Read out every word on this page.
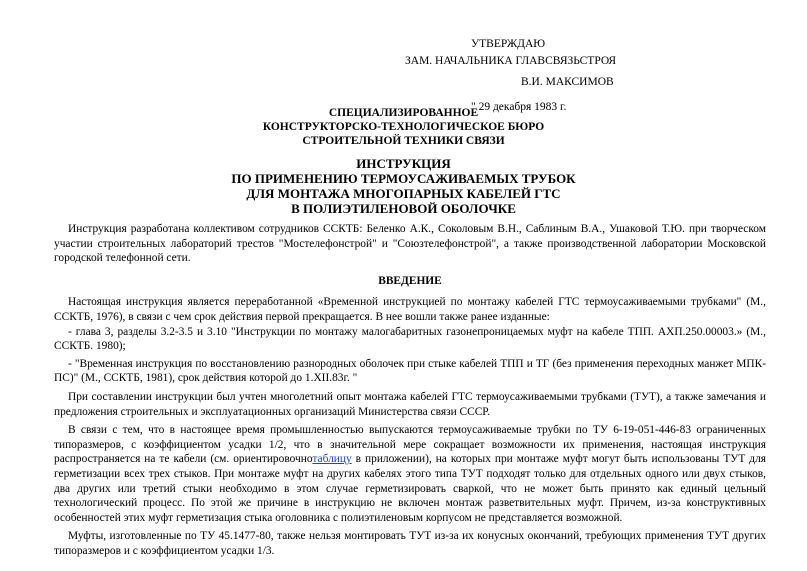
УТВЕРЖДАЮ
ЗАМ. НАЧАЛЬНИКА ГЛАВСВЯЗЬСТРОЯ
В.И. МАКСИМОВ
" 29 декабря 1983 г.
СПЕЦИАЛИЗИРОВАННОЕ
КОНСТРУКТОРСКО-ТЕХНОЛОГИЧЕСКОЕ БЮРО
СТРОИТЕЛЬНОЙ ТЕХНИКИ СВЯЗИ
ИНСТРУКЦИЯ
ПО ПРИМЕНЕНИЮ ТЕРМОУСАЖИВАЕМЫХ ТРУБОК
ДЛЯ МОНТАЖА МНОГОПАРНЫХ КАБЕЛЕЙ ГТС
В ПОЛИЭТИЛЕНОВОЙ ОБОЛОЧКЕ

Инструкция разработана коллективом сотрудников ССКТБ: Беленко А.К., Соколовым В.Н., Саблиным В.А., Ушаковой Т.Ю. при творческом участии строительных лабораторий трестов "Мостелефонстрой" и "Союзтелефонстрой", а также производственной лаборатории Московской городской телефонной сети.

ВВЕДЕНИЕ

Настоящая инструкция является переработанной «Временной инструкцией по монтажу кабелей ГТС термоусаживаемыми трубками" (М., ССКТБ, 1976), в связи с чем срок действия первой прекращается. В нее вошли также ранее изданные:

- глава 3, разделы 3.2-3.5 и 3.10 "Инструкции по монтажу малогабаритных газонепроницаемых муфт на кабеле ТПП. АХП.250.00003.» (М., ССКТБ. 1980);

- "Временная инструкция по восстановлению разнородных оболочек при стыке кабелей ТПП и ТГ (без применения переходных манжет МПК-ПС)" (М., ССКТБ, 1981), срок действия которой до 1.XII.83г. "

При составлении инструкции был учтен многолетний опыт монтажа кабелей ГТС термоусаживаемыми трубками (ТУТ), а также замечания и предложения строительных и эксплуатационных организаций Министерства связи СССР.

В связи с тем, что в настоящее время промышленностью выпускаются термоусаживаемые трубки по ТУ 6-19-051-446-83 ограниченных типоразмеров, с коэффициентом усадки 1/2, что в значительной мере сокращает возможности их применения, настоящая инструкция распространяется на те кабели (см. ориентировочнотаблицу в приложении), на которых при монтаже муфт могут быть использованы ТУТ для герметизации всех трех стыков. При монтаже муфт на других кабелях этого типа ТУТ подходят только для отдельных одного или двух стыков, два других или третий стыки необходимо в этом случае герметизировать сваркой, что не может быть принято как единый цельный технологический процесс. По этой же причине в инструкцию не включен монтаж разветвительных муфт. Причем, из-за конструктивных особенностей этих муфт герметизация стыка оголовника с полиэтиленовым корпусом не представляется возможной.

Муфты, изготовленные по ТУ 45.1477-80, также нельзя монтировать ТУТ из-за их конусных окончаний, требующих применения ТУТ других типоразмеров и с коэффициентом усадки 1/3.
